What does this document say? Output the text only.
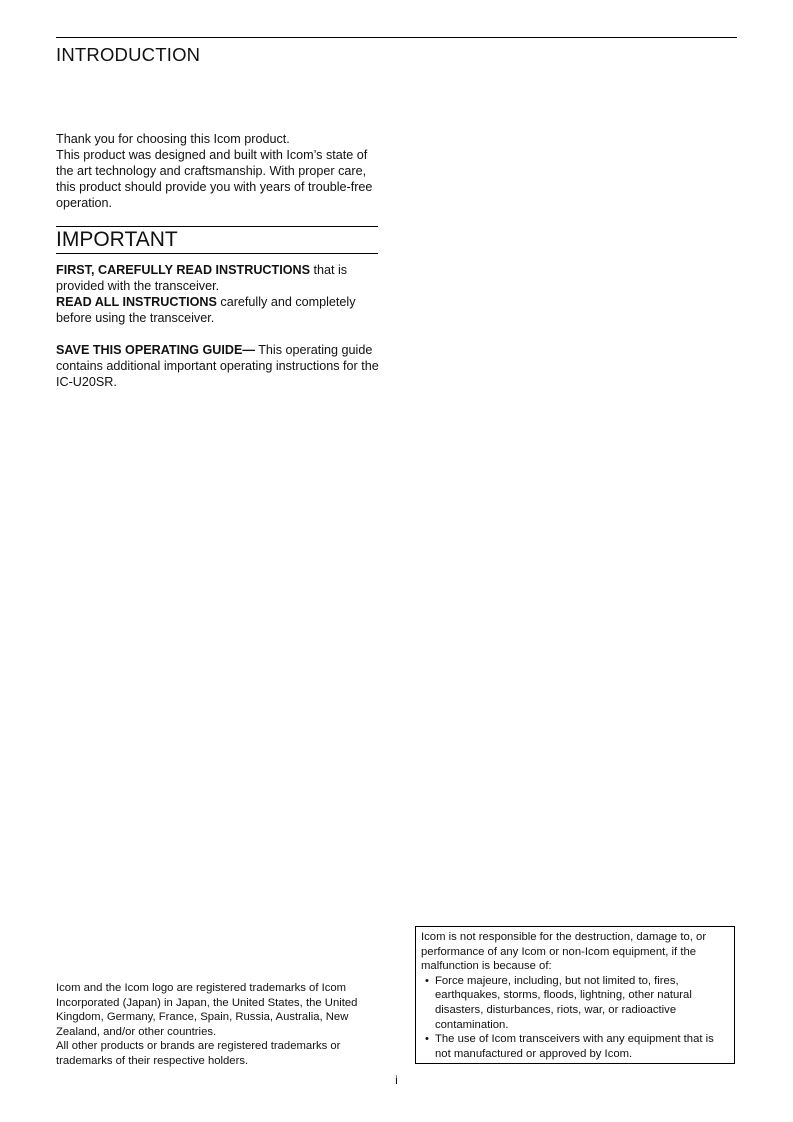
INTRODUCTION

Thank you for choosing this Icom product.

This product was designed and built with Icom’s state of the art technology and craftsmanship. With proper care, this product should provide you with years of trouble-free operation.

IMPORTANT

FIRST, CAREFULLY READ INSTRUCTIONS that is provided with the transceiver.

READ ALL INSTRUCTIONS carefully and completely before using the transceiver.

SAVE THIS OPERATING GUIDE— This operating guide contains additional important operating instructions for the IC-U20SR.

Icom and the Icom logo are registered trademarks of Icom Incorporated (Japan) in Japan, the United States, the United Kingdom, Germany, France, Spain, Russia, Australia, New Zealand, and/or other countries.

All other products or brands are registered trademarks or trademarks of their respective holders.

Icom is not responsible for the destruction, damage to, or performance of any Icom or non-Icom equipment, if the malfunction is because of:

• Force majeure, including, but not limited to, fires, earthquakes, storms, floods, lightning, other natural disasters, disturbances, riots, war, or radioactive contamination.
• The use of Icom transceivers with any equipment that is not manufactured or approved by Icom.
i
